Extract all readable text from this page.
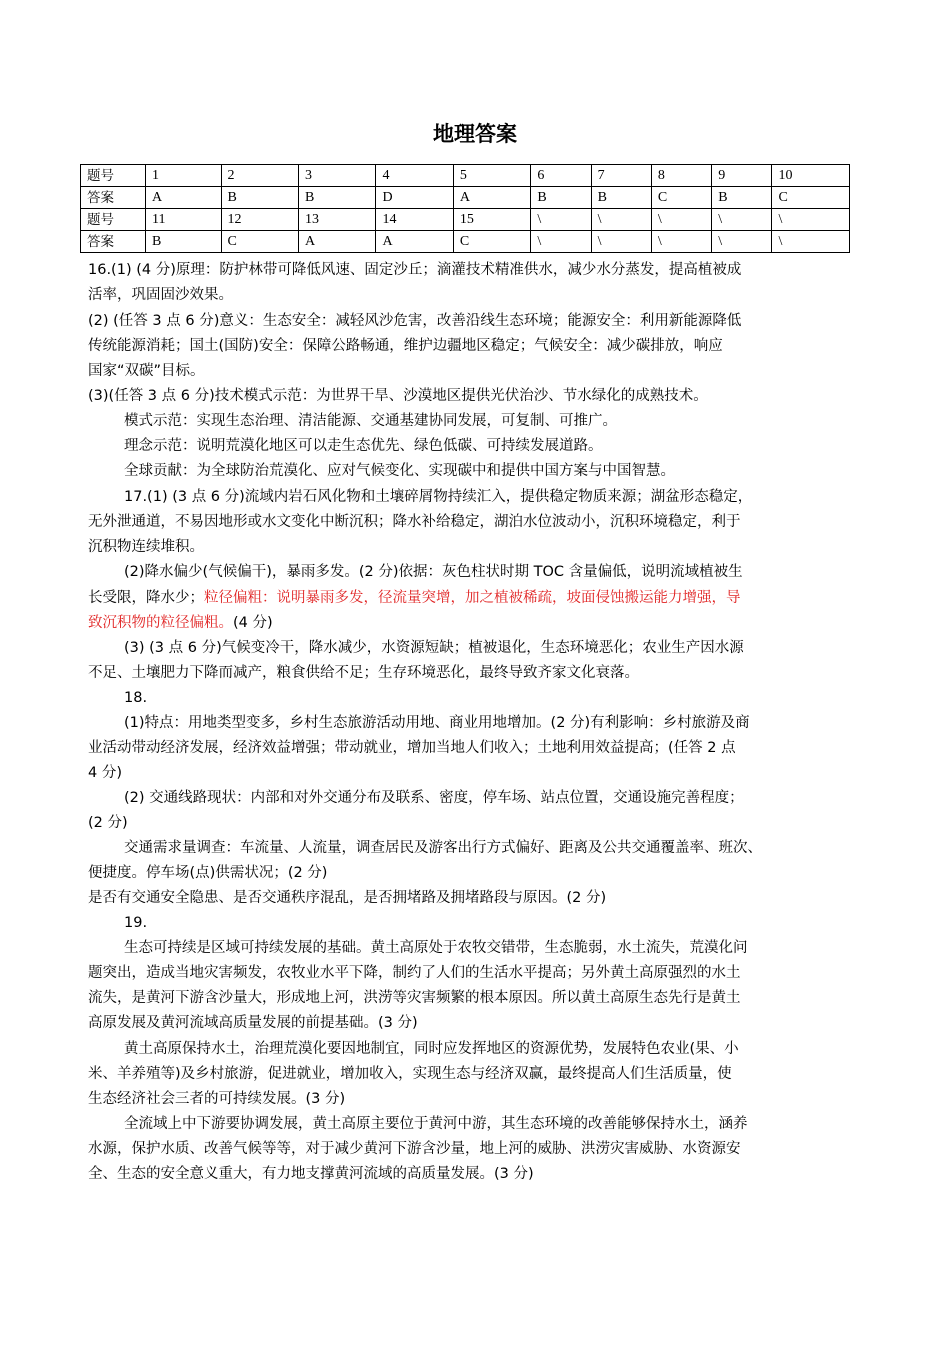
地理答案
题号	1	2	3	4	5	6	7	8	9	10
答案	A	B	B	D	A	B	B	C	B	C
题号	11	12	13	14	15	\	\	\	\	\
答案	B	C	A	A	C	\	\	\	\	\
16.(1) (4 分)原理：防护林带可降低风速、固定沙丘；滴灌技术精准供水，减少水分蒸发，提高植被成
活率，巩固固沙效果。
(2) (任答 3 点 6 分)意义：生态安全：减轻风沙危害，改善沿线生态环境；能源安全：利用新能源降低
传统能源消耗；国土(国防)安全：保障公路畅通，维护边疆地区稳定；气候安全：减少碳排放，响应
国家“双碳”目标。
(3)(任答 3 点 6 分)技术模式示范：为世界干旱、沙漠地区提供光伏治沙、节水绿化的成熟技术。
模式示范：实现生态治理、清洁能源、交通基建协同发展，可复制、可推广。
理念示范：说明荒漠化地区可以走生态优先、绿色低碳、可持续发展道路。
全球贡献：为全球防治荒漠化、应对气候变化、实现碳中和提供中国方案与中国智慧。
17.(1) (3 点 6 分)流域内岩石风化物和土壤碎屑物持续汇入，提供稳定物质来源；湖盆形态稳定，
无外泄通道，不易因地形或水文变化中断沉积；降水补给稳定，湖泊水位波动小，沉积环境稳定，利于
沉积物连续堆积。
(2)降水偏少(气候偏干)，暴雨多发。(2 分)依据：灰色柱状时期 TOC 含量偏低，说明流域植被生
长受限，降水少；粒径偏粗：说明暴雨多发，径流量突增，加之植被稀疏，坡面侵蚀搬运能力增强，导
致沉积物的粒径偏粗。(4 分)
(3) (3 点 6 分)气候变冷干，降水减少，水资源短缺；植被退化，生态环境恶化；农业生产因水源
不足、土壤肥力下降而减产，粮食供给不足；生存环境恶化，最终导致齐家文化衰落。
18.
(1)特点：用地类型变多，乡村生态旅游活动用地、商业用地增加。(2 分)有利影响：乡村旅游及商
业活动带动经济发展，经济效益增强；带动就业，增加当地人们收入；土地利用效益提高；(任答 2 点
4 分)
(2) 交通线路现状：内部和对外交通分布及联系、密度，停车场、站点位置，交通设施完善程度；
(2 分)
交通需求量调查：车流量、人流量，调查居民及游客出行方式偏好、距离及公共交通覆盖率、班次、
便捷度。停车场(点)供需状况；(2 分)
是否有交通安全隐患、是否交通秩序混乱，是否拥堵路及拥堵路段与原因。(2 分)
19.
生态可持续是区域可持续发展的基础。黄土高原处于农牧交错带，生态脆弱，水土流失，荒漠化问
题突出，造成当地灾害频发，农牧业水平下降，制约了人们的生活水平提高；另外黄土高原强烈的水土
流失，是黄河下游含沙量大，形成地上河，洪涝等灾害频繁的根本原因。所以黄土高原生态先行是黄土
高原发展及黄河流域高质量发展的前提基础。(3 分)
黄土高原保持水土，治理荒漠化要因地制宜，同时应发挥地区的资源优势，发展特色农业(果、小
米、羊养殖等)及乡村旅游，促进就业，增加收入，实现生态与经济双赢，最终提高人们生活质量，使
生态经济社会三者的可持续发展。(3 分)
全流域上中下游要协调发展，黄土高原主要位于黄河中游，其生态环境的改善能够保持水土，涵养
水源，保护水质、改善气候等等，对于减少黄河下游含沙量，地上河的威胁、洪涝灾害威胁、水资源安
全、生态的安全意义重大，有力地支撑黄河流域的高质量发展。(3 分)
